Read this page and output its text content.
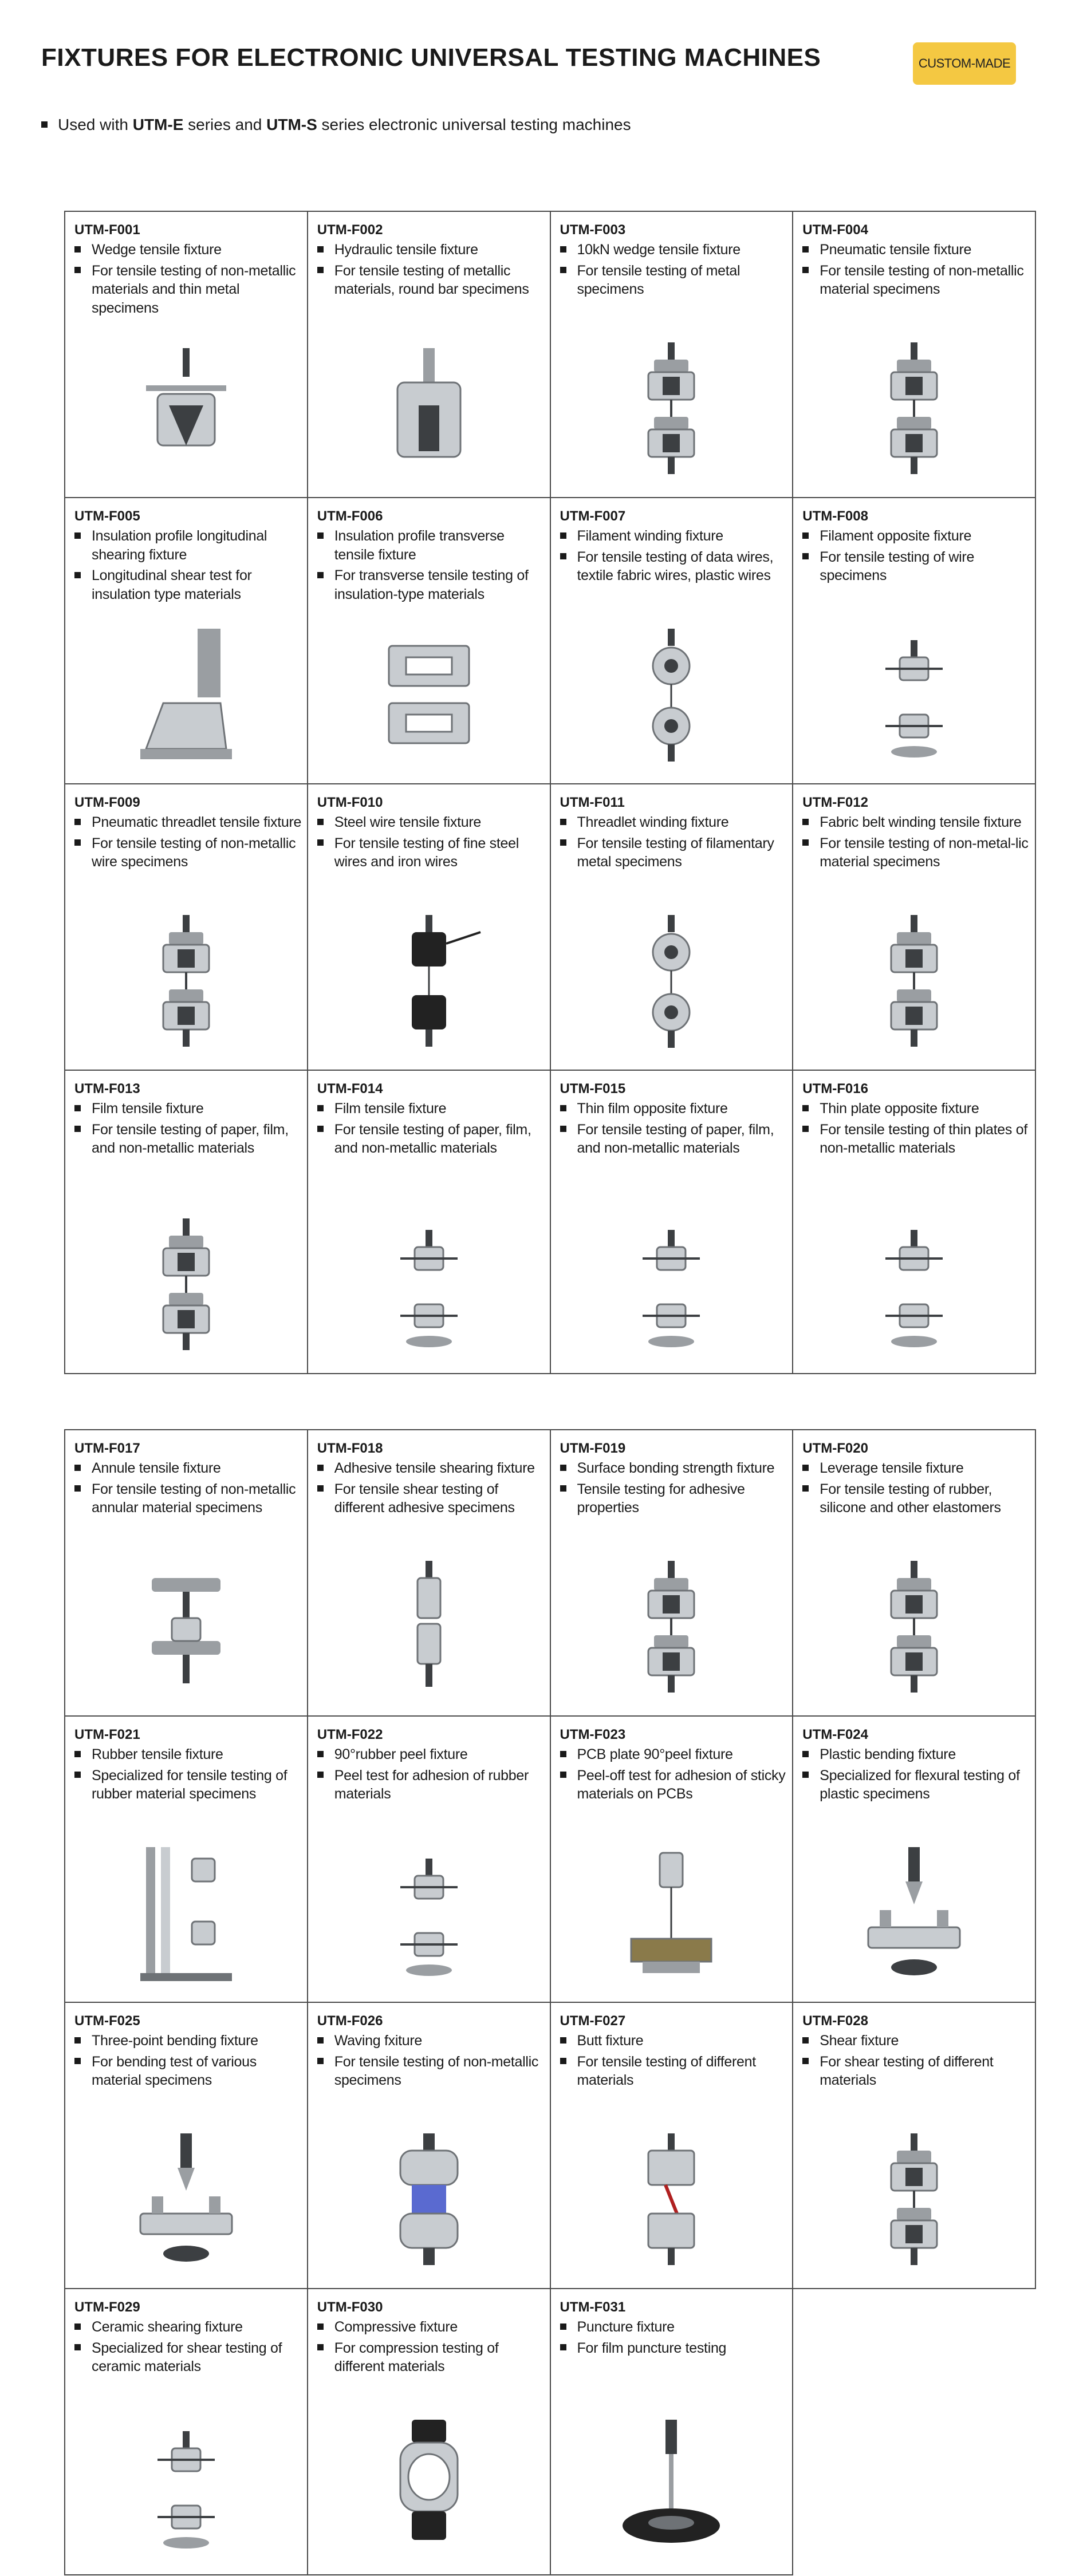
FIXTURES FOR ELECTRONIC UNIVERSAL TESTING MACHINES	CUSTOM-MADE
Used with UTM-E series and UTM-S series electronic universal testing machines
UTM-F001
Wedge tensile fixture
For tensile testing of non-metallic materials and thin metal specimens
UTM-F002
Hydraulic tensile fixture
For tensile testing of metallic materials, round bar specimens
UTM-F003
10kN wedge tensile fixture
For tensile testing of metal specimens
UTM-F004
Pneumatic tensile fixture
For tensile testing of non-metallic material specimens
UTM-F005
Insulation profile longitudinal shearing fixture
Longitudinal shear test for insulation type materials
UTM-F006
Insulation profile transverse tensile fixture
For transverse tensile testing of insulation-type materials
UTM-F007
Filament winding fixture
For tensile testing of data wires, textile fabric wires, plastic wires
UTM-F008
Filament opposite fixture
For tensile testing of wire specimens
UTM-F009
Pneumatic threadlet tensile fixture
For tensile testing of non-metallic wire specimens
UTM-F010
Steel wire tensile fixture
For tensile testing of fine steel wires and iron wires
UTM-F011
Threadlet winding fixture
For tensile testing of filamentary metal specimens
UTM-F012
Fabric belt winding tensile fixture
For tensile testing of non-metal-lic material specimens
UTM-F013
Film tensile fixture
For tensile testing of paper, film, and non-metallic materials
UTM-F014
Film tensile fixture
For tensile testing of paper, film, and non-metallic materials
UTM-F015
Thin film opposite fixture
For tensile testing of paper, film, and non-metallic materials
UTM-F016
Thin plate opposite fixture
For tensile testing of thin plates of non-metallic materials
UTM-F017
Annule tensile fixture
For tensile testing of non-metallic annular material specimens
UTM-F018
Adhesive tensile shearing fixture
For tensile shear testing of different adhesive specimens
UTM-F019
Surface bonding strength fixture
Tensile testing for adhesive properties
UTM-F020
Leverage tensile fixture
For tensile testing of rubber, silicone and other elastomers
UTM-F021
Rubber tensile fixture
Specialized for tensile testing of rubber material specimens
UTM-F022
90°rubber peel fixture
Peel test for adhesion of rubber materials
UTM-F023
PCB plate 90°peel fixture
Peel-off test for adhesion of sticky materials on PCBs
UTM-F024
Plastic bending fixture
Specialized for flexural testing of plastic specimens
UTM-F025
Three-point bending fixture
For bending test of various material specimens
UTM-F026
Waving fxiture
For tensile testing of non-metallic specimens
UTM-F027
Butt fixture
For tensile testing of different materials
UTM-F028
Shear fixture
For shear testing of different materials
UTM-F029
Ceramic shearing fixture
Specialized for shear testing of ceramic materials
UTM-F030
Compressive fixture
For compression testing of different materials
UTM-F031
Puncture fixture
For film puncture testing
